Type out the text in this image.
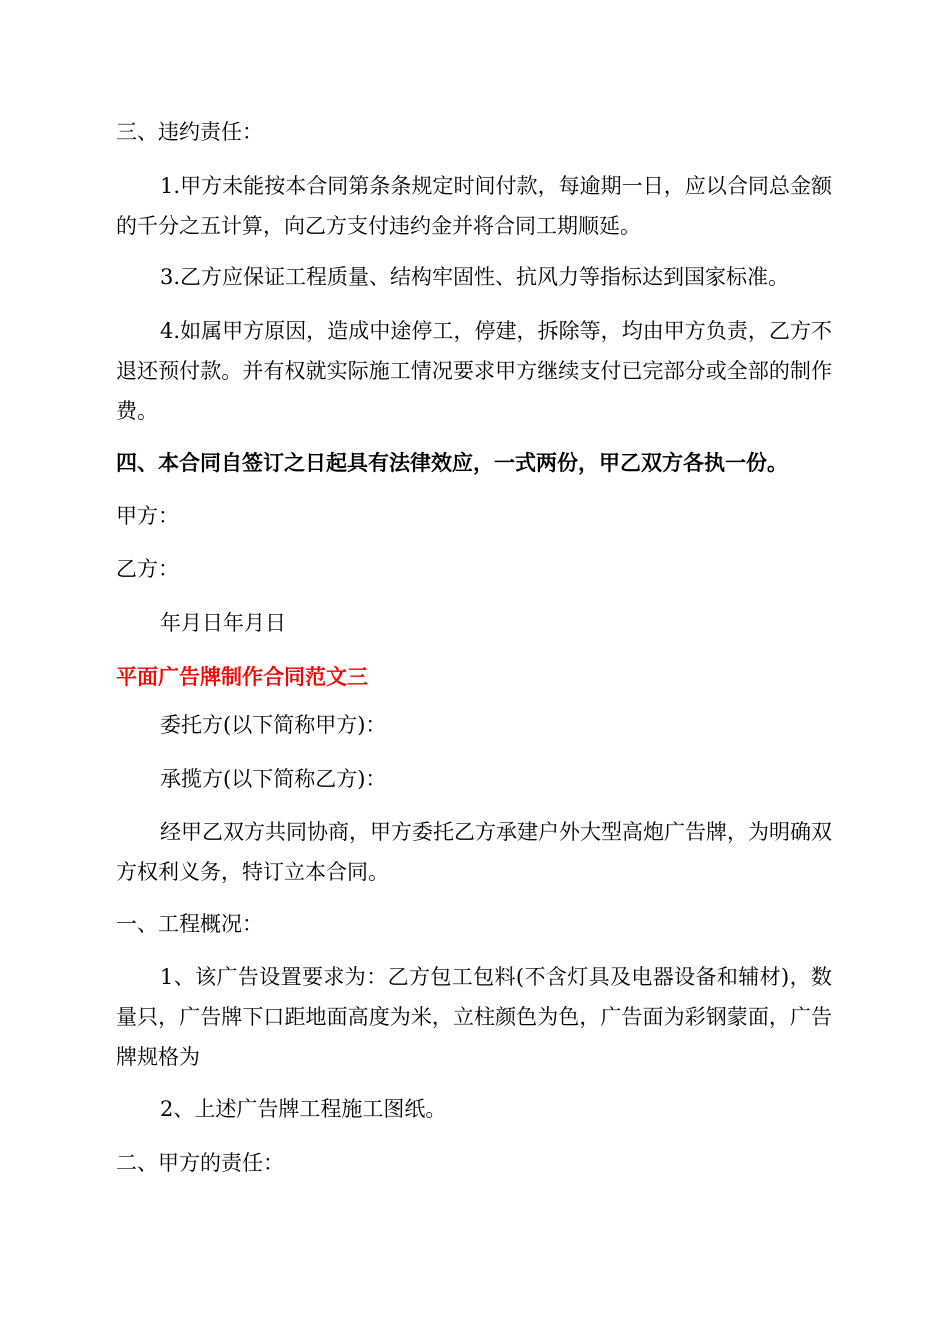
三、违约责任：

1.甲方未能按本合同第条条规定时间付款，每逾期一日，应以合同总金额的千分之五计算，向乙方支付违约金并将合同工期顺延。

3.乙方应保证工程质量、结构牢固性、抗风力等指标达到国家标准。

4.如属甲方原因，造成中途停工，停建，拆除等，均由甲方负责，乙方不退还预付款。并有权就实际施工情况要求甲方继续支付已完部分或全部的制作费。

四、本合同自签订之日起具有法律效应，一式两份，甲乙双方各执一份。

甲方：

乙方：

年月日年月日

平面广告牌制作合同范文三

委托方(以下简称甲方)：

承揽方(以下简称乙方)：

经甲乙双方共同协商，甲方委托乙方承建户外大型高炮广告牌，为明确双方权利义务，特订立本合同。

一、工程概况：

1、该广告设置要求为：乙方包工包料(不含灯具及电器设备和辅材)，数量只，广告牌下口距地面高度为米，立柱颜色为色，广告面为彩钢蒙面，广告牌规格为

2、上述广告牌工程施工图纸。

二、甲方的责任：
